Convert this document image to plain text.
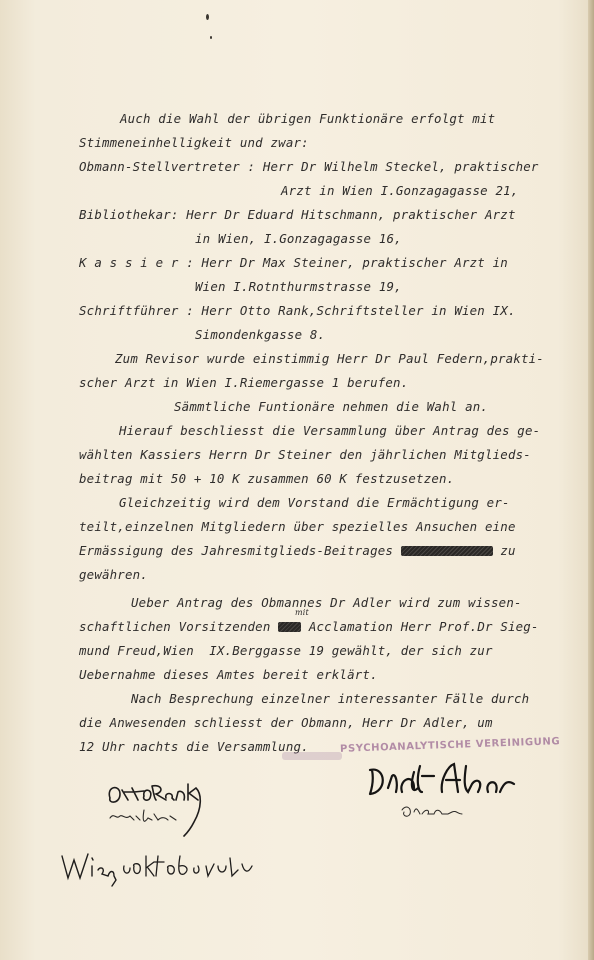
Auch die Wahl der übrigen Funktionäre erfolgt mit
Stimmeneinhelligkeit und zwar:
Obmann-Stellvertreter : Herr Dr Wilhelm Steckel, praktischer
Arzt in Wien I.Gonzagagasse 21,
Bibliothekar: Herr Dr Eduard Hitschmann, praktischer Arzt
in Wien, I.Gonzagagasse 16,
K a s s i e r : Herr Dr Max Steiner, praktischer Arzt in
Wien I.Rotnthurmstrasse 19,
Schriftführer : Herr Otto Rank,Schriftsteller in Wien IX.
Simondenkgasse 8.
Zum Revisor wurde einstimmig Herr Dr Paul Federn,prakti-
scher Arzt in Wien I.Riemergasse 1 berufen.
Sämmtliche Funtionäre nehmen die Wahl an.
Hierauf beschliesst die Versammlung über Antrag des ge-
wählten Kassiers Herrn Dr Steiner den jährlichen Mitglieds-
beitrag mit 50 + 10 K zusammen 60 K festzusetzen.
Gleichzeitig wird dem Vorstand die Ermächtigung er-
teilt,einzelnen Mitgliedern über spezielles Ansuchen eine
Ermässigung des Jahresmitglieds-Beitrages	zu
gewähren.
Ueber Antrag des Obmannes Dr Adler wird zum wissen-
schaftlichen Vorsitzenden	Acclamation Herr Prof.Dr Sieg-
mit
mund Freud,Wien  IX.Berggasse 19 gewählt, der sich zur
Uebernahme dieses Amtes bereit erklärt.
Nach Besprechung einzelner interessanter Fälle durch
die Anwesenden schliesst der Obmann, Herr Dr Adler, um
12 Uhr nachts die Versammlung.	PSYCHOANALYTISCHE VEREINIGUNG
